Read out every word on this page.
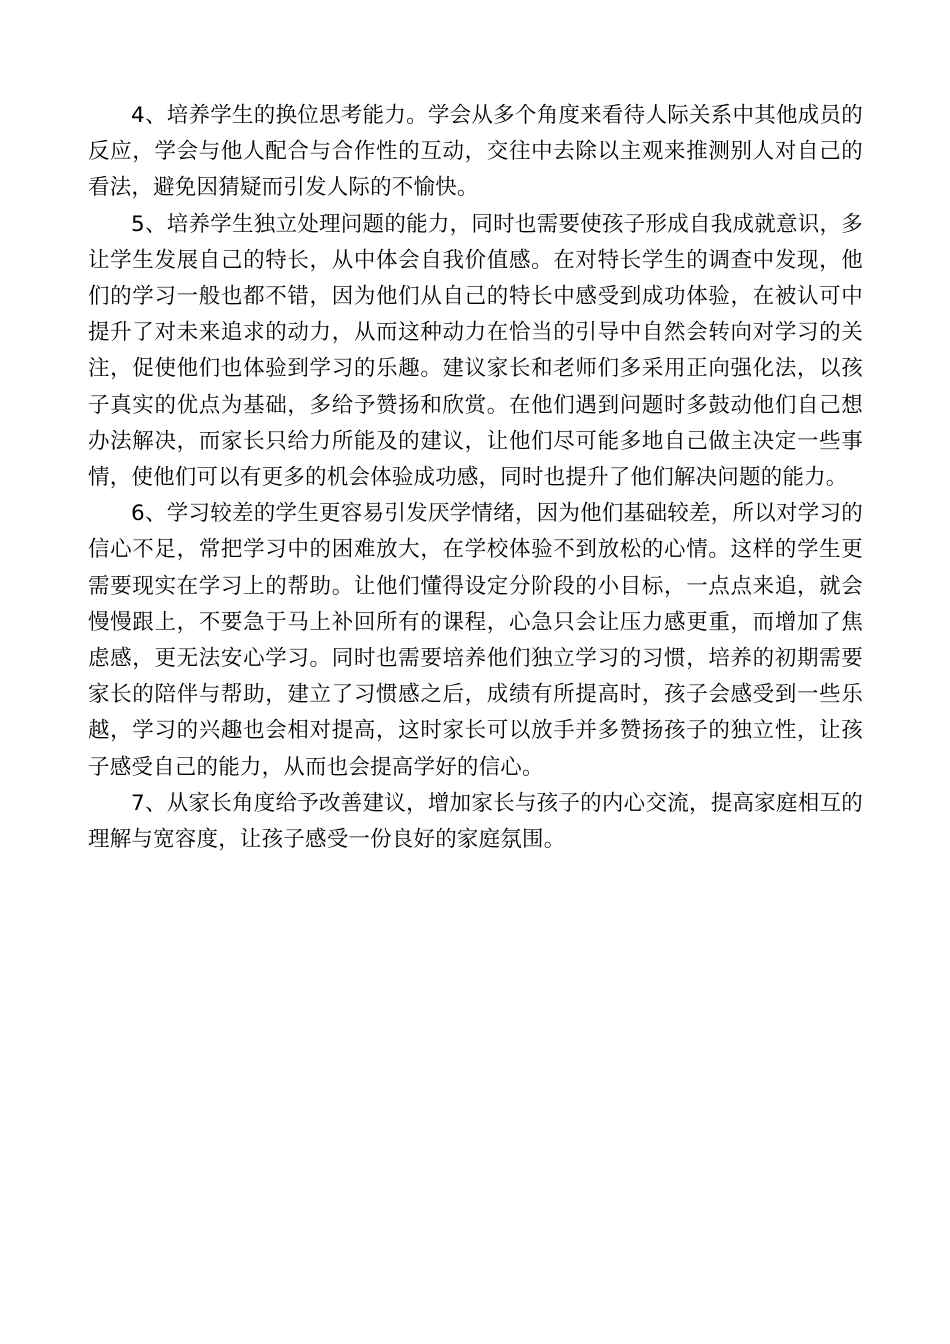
4、培养学生的换位思考能力。学会从多个角度来看待人际关系中其他成员的反应，学会与他人配合与合作性的互动，交往中去除以主观来推测别人对自己的看法，避免因猜疑而引发人际的不愉快。

5、培养学生独立处理问题的能力，同时也需要使孩子形成自我成就意识，多让学生发展自己的特长，从中体会自我价值感。在对特长学生的调查中发现，他们的学习一般也都不错，因为他们从自己的特长中感受到成功体验，在被认可中提升了对未来追求的动力，从而这种动力在恰当的引导中自然会转向对学习的关注，促使他们也体验到学习的乐趣。建议家长和老师们多采用正向强化法，以孩子真实的优点为基础，多给予赞扬和欣赏。在他们遇到问题时多鼓动他们自己想办法解决，而家长只给力所能及的建议，让他们尽可能多地自己做主决定一些事情，使他们可以有更多的机会体验成功感，同时也提升了他们解决问题的能力。

6、学习较差的学生更容易引发厌学情绪，因为他们基础较差，所以对学习的信心不足，常把学习中的困难放大，在学校体验不到放松的心情。这样的学生更需要现实在学习上的帮助。让他们懂得设定分阶段的小目标，一点点来追，就会慢慢跟上，不要急于马上补回所有的课程，心急只会让压力感更重，而增加了焦虑感，更无法安心学习。同时也需要培养他们独立学习的习惯，培养的初期需要家长的陪伴与帮助，建立了习惯感之后，成绩有所提高时，孩子会感受到一些乐越，学习的兴趣也会相对提高，这时家长可以放手并多赞扬孩子的独立性，让孩子感受自己的能力，从而也会提高学好的信心。

7、从家长角度给予改善建议，增加家长与孩子的内心交流，提高家庭相互的理解与宽容度，让孩子感受一份良好的家庭氛围。
